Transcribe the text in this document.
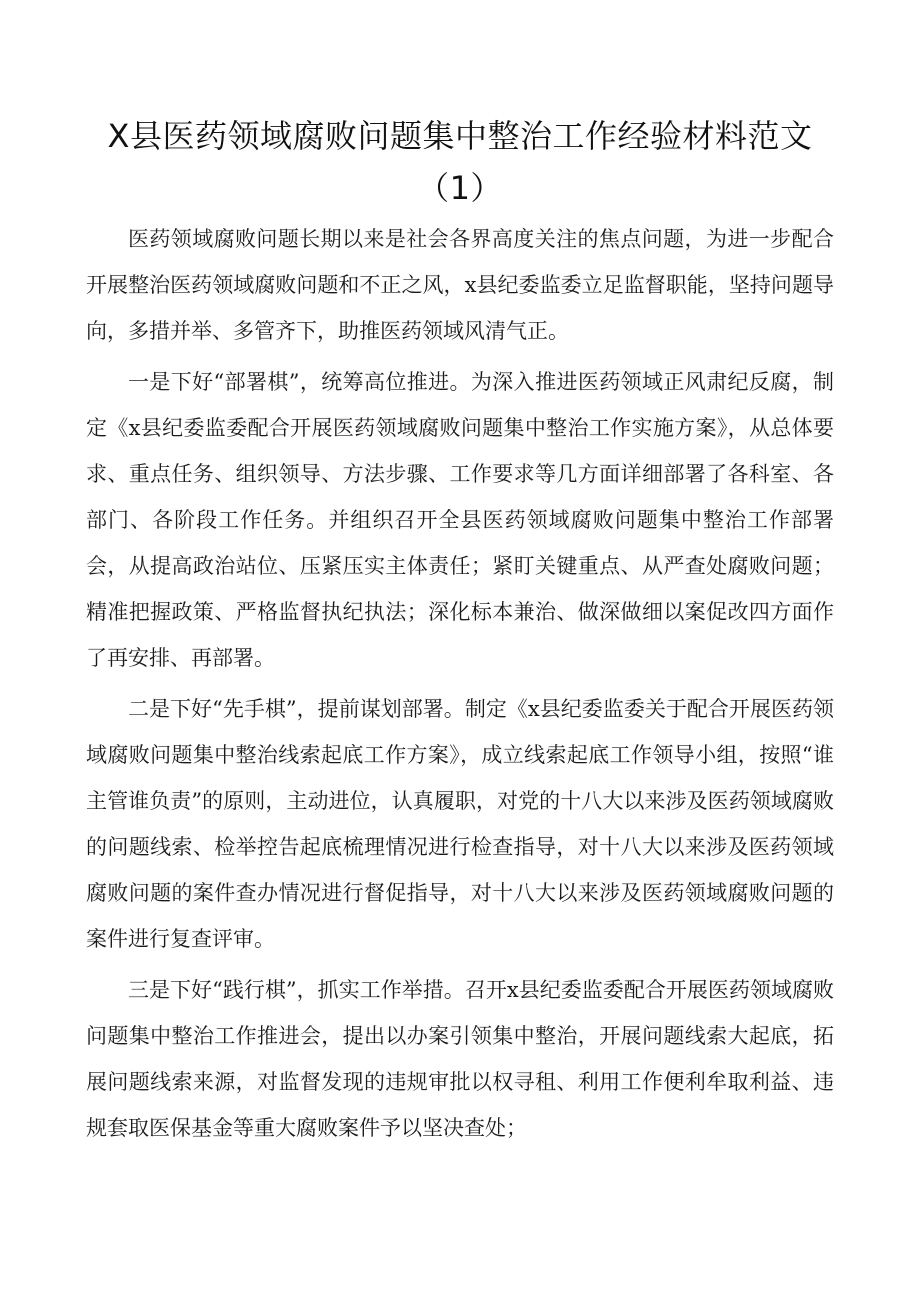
X县医药领域腐败问题集中整治工作经验材料范文（1）

医药领域腐败问题长期以来是社会各界高度关注的焦点问题，为进一步配合开展整治医药领域腐败问题和不正之风，x县纪委监委立足监督职能，坚持问题导向，多措并举、多管齐下，助推医药领域风清气正。

一是下好“部署棋”，统筹高位推进。为深入推进医药领域正风肃纪反腐，制定《x县纪委监委配合开展医药领域腐败问题集中整治工作实施方案》，从总体要求、重点任务、组织领导、方法步骤、工作要求等几方面详细部署了各科室、各部门、各阶段工作任务。并组织召开全县医药领域腐败问题集中整治工作部署会，从提高政治站位、压紧压实主体责任；紧盯关键重点、从严查处腐败问题；精准把握政策、严格监督执纪执法；深化标本兼治、做深做细以案促改四方面作了再安排、再部署。

二是下好“先手棋”，提前谋划部署。制定《x县纪委监委关于配合开展医药领域腐败问题集中整治线索起底工作方案》，成立线索起底工作领导小组，按照“谁主管谁负责”的原则，主动进位，认真履职，对党的十八大以来涉及医药领域腐败的问题线索、检举控告起底梳理情况进行检查指导，对十八大以来涉及医药领域腐败问题的案件查办情况进行督促指导，对十八大以来涉及医药领域腐败问题的案件进行复查评审。

三是下好“践行棋”，抓实工作举措。召开x县纪委监委配合开展医药领域腐败问题集中整治工作推进会，提出以办案引领集中整治，开展问题线索大起底，拓展问题线索来源，对监督发现的违规审批以权寻租、利用工作便利牟取利益、违规套取医保基金等重大腐败案件予以坚决查处；
